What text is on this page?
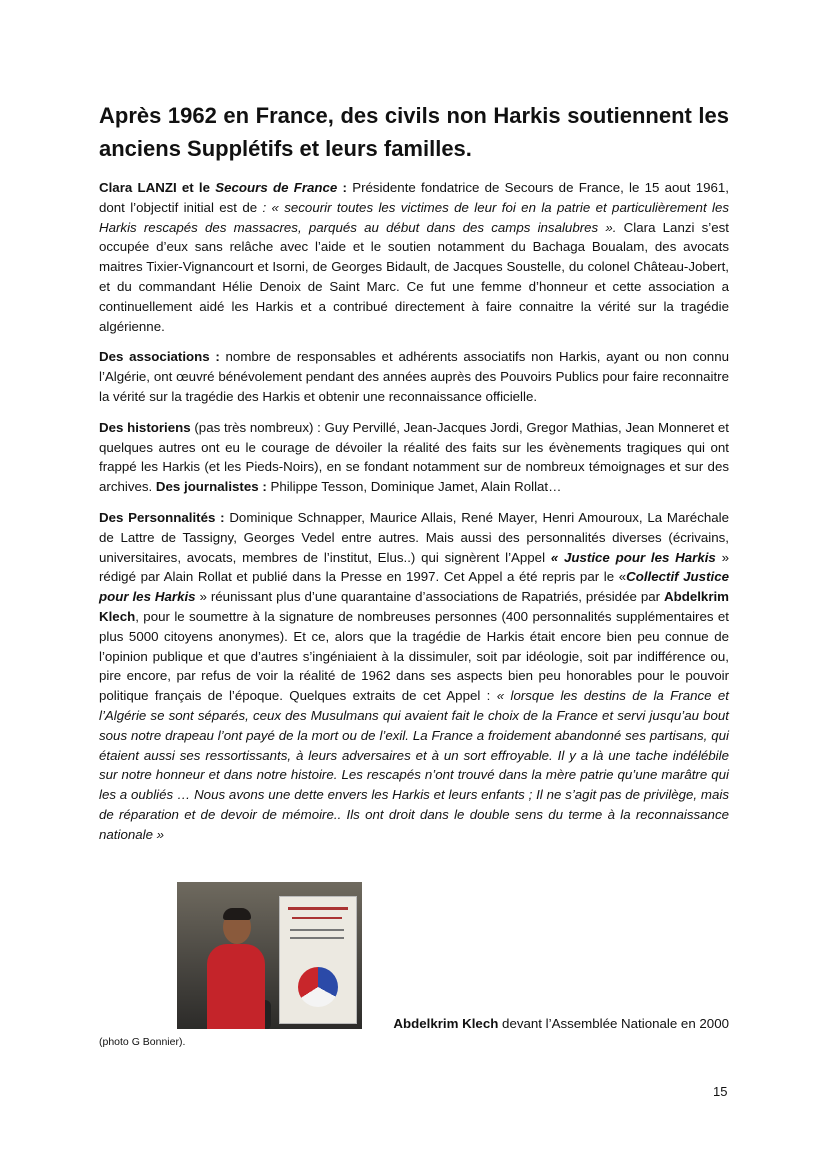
Après 1962 en France, des civils non Harkis soutiennent les anciens Supplétifs et leurs familles.

Clara LANZI et le Secours de France : Présidente fondatrice de Secours de France, le 15 aout 1961, dont l’objectif initial est de : « secourir toutes les victimes de leur foi en la patrie et particulièrement les Harkis rescapés des massacres, parqués au début dans des camps insalubres ». Clara Lanzi s’est occupée d’eux sans relâche avec l’aide et le soutien notamment du Bachaga Boualam, des avocats maitres Tixier-Vignancourt et Isorni, de Georges Bidault, de Jacques Soustelle, du colonel Château-Jobert, et du commandant Hélie Denoix de Saint Marc. Ce fut une femme d’honneur et cette association a continuellement aidé les Harkis et a contribué directement à faire connaitre la vérité sur la tragédie algérienne.

Des associations : nombre de responsables et adhérents associatifs non Harkis, ayant ou non connu l’Algérie, ont œuvré bénévolement pendant des années auprès des Pouvoirs Publics pour faire reconnaitre la vérité sur la tragédie des Harkis et obtenir une reconnaissance officielle.

Des historiens (pas très nombreux) : Guy Pervillé, Jean-Jacques Jordi, Gregor Mathias, Jean Monneret et quelques autres ont eu le courage de dévoiler la réalité des faits sur les évènements tragiques qui ont frappé les Harkis (et les Pieds-Noirs), en se fondant notamment sur de nombreux témoignages et sur des archives. Des journalistes : Philippe Tesson, Dominique Jamet, Alain Rollat…

Des Personnalités : Dominique Schnapper, Maurice Allais, René Mayer, Henri Amouroux, La Maréchale de Lattre de Tassigny, Georges Vedel entre autres. Mais aussi des personnalités diverses (écrivains, universitaires, avocats, membres de l’institut, Elus..) qui signèrent l’Appel « Justice pour les Harkis » rédigé par Alain Rollat et publié dans la Presse en 1997. Cet Appel a été repris par le «Collectif Justice pour les Harkis » réunissant plus d’une quarantaine d’associations de Rapatriés, présidée par Abdelkrim Klech, pour le soumettre à la signature de nombreuses personnes (400 personnalités supplémentaires et plus 5000 citoyens anonymes). Et ce, alors que la tragédie de Harkis était encore bien peu connue de l’opinion publique et que d’autres s’ingéniaient à la dissimuler, soit par idéologie, soit par indifférence ou, pire encore, par refus de voir la réalité de 1962 dans ses aspects bien peu honorables pour le pouvoir politique français de l’époque. Quelques extraits de cet Appel : « lorsque les destins de la France et l’Algérie se sont séparés, ceux des Musulmans qui avaient fait le choix de la France et servi jusqu’au bout sous notre drapeau l’ont payé de la mort ou de l’exil. La France a froidement abandonné ses partisans, qui étaient aussi ses ressortissants, à leurs adversaires et à un sort effroyable. Il y a là une tache indélébile sur notre honneur et dans notre histoire. Les rescapés n’ont trouvé dans la mère patrie qu’une marâtre qui les a oubliés … Nous avons une dette envers les Harkis et leurs enfants ; Il ne s’agit pas de privilège, mais de réparation et de devoir de mémoire.. Ils ont droit dans le double sens du terme à la reconnaissance nationale »

Abdelkrim Klech devant l’Assemblée Nationale en 2000
(photo G Bonnier).
15
